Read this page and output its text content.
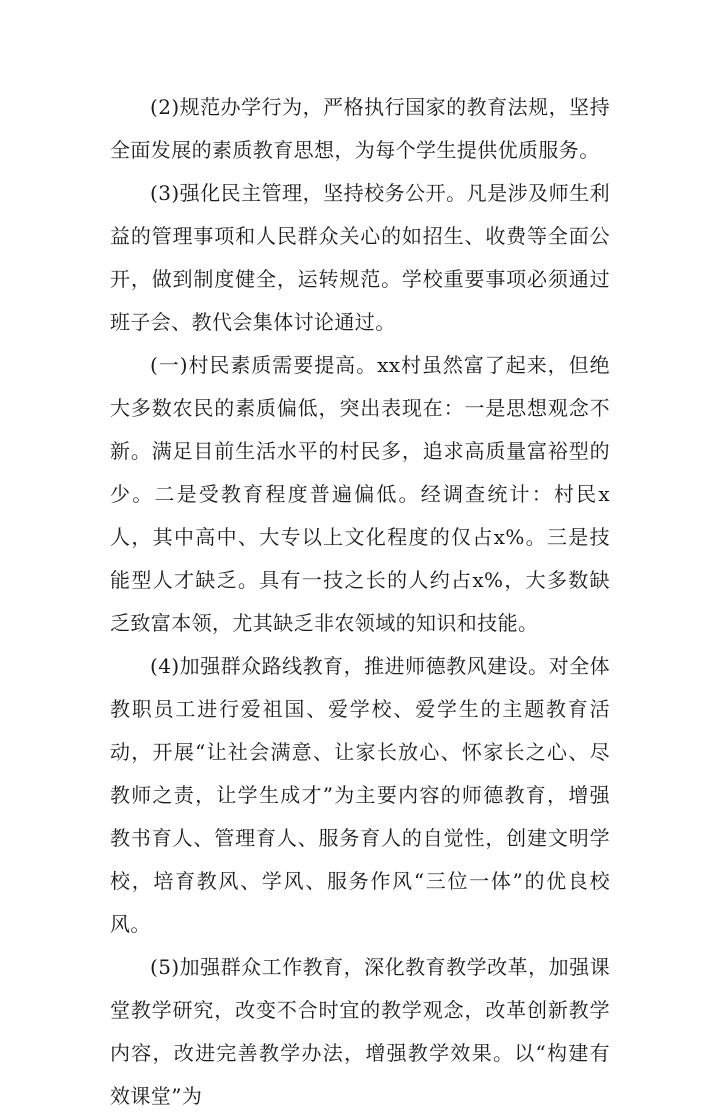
(2)规范办学行为，严格执行国家的教育法规，坚持全面发展的素质教育思想，为每个学生提供优质服务。

(3)强化民主管理，坚持校务公开。凡是涉及师生利益的管理事项和人民群众关心的如招生、收费等全面公开，做到制度健全，运转规范。学校重要事项必须通过班子会、教代会集体讨论通过。

(一)村民素质需要提高。xx村虽然富了起来，但绝大多数农民的素质偏低，突出表现在：一是思想观念不新。满足目前生活水平的村民多，追求高质量富裕型的少。二是受教育程度普遍偏低。经调查统计：村民x人，其中高中、大专以上文化程度的仅占x%。三是技能型人才缺乏。具有一技之长的人约占x%，大多数缺乏致富本领，尤其缺乏非农领域的知识和技能。

(4)加强群众路线教育，推进师德教风建设。对全体教职员工进行爱祖国、爱学校、爱学生的主题教育活动，开展“让社会满意、让家长放心、怀家长之心、尽教师之责，让学生成才”为主要内容的师德教育，增强教书育人、管理育人、服务育人的自觉性，创建文明学校，培育教风、学风、服务作风“三位一体”的优良校风。

(5)加强群众工作教育，深化教育教学改革，加强课堂教学研究，改变不合时宜的教学观念，改革创新教学内容，改进完善教学办法，增强教学效果。以“构建有效课堂”为
